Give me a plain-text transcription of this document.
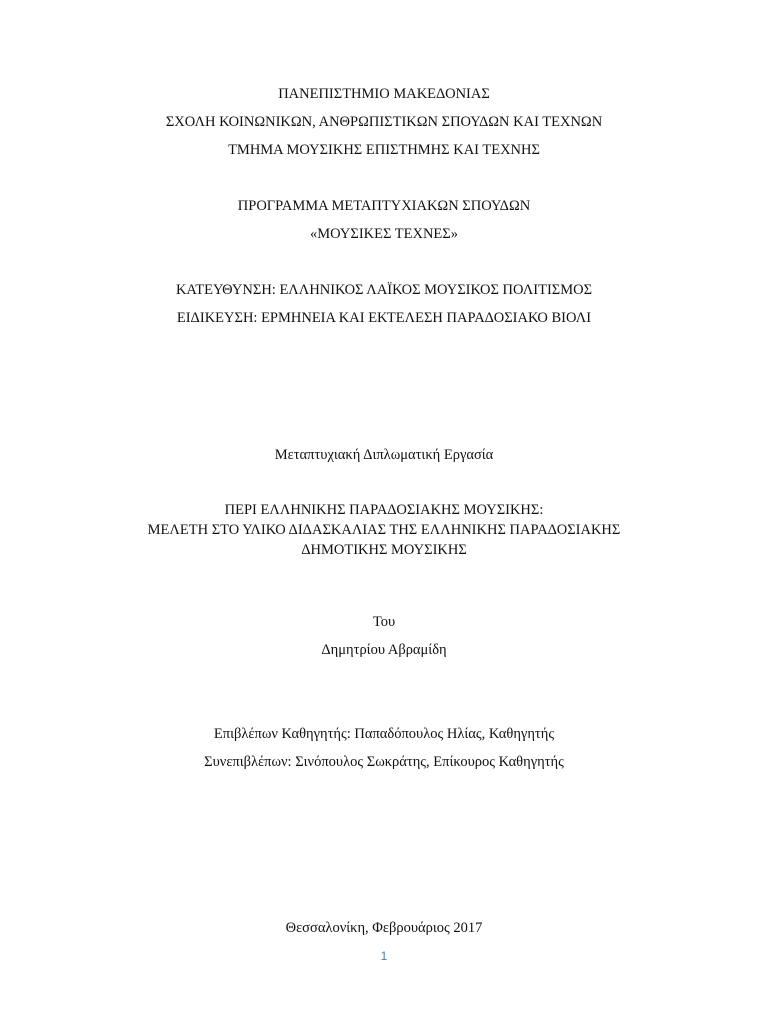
ΠΑΝΕΠΙΣΤΗΜΙΟ ΜΑΚΕΔΟΝΙΑΣ
ΣΧΟΛΗ ΚΟΙΝΩΝΙΚΩΝ, ΑΝΘΡΩΠΙΣΤΙΚΩΝ ΣΠΟΥΔΩΝ ΚΑΙ ΤΕΧΝΩΝ
ΤΜΗΜΑ ΜΟΥΣΙΚΗΣ ΕΠΙΣΤΗΜΗΣ ΚΑΙ ΤΕΧΝΗΣ
ΠΡΟΓΡΑΜΜΑ ΜΕΤΑΠΤΥΧΙΑΚΩΝ ΣΠΟΥΔΩΝ
«ΜΟΥΣΙΚΕΣ ΤΕΧΝΕΣ»
ΚΑΤΕΥΘΥΝΣΗ: ΕΛΛΗΝΙΚΟΣ ΛΑΪΚΟΣ ΜΟΥΣΙΚΟΣ ΠΟΛΙΤΙΣΜΟΣ
ΕΙΔΙΚΕΥΣΗ: ΕΡΜΗΝΕΙΑ ΚΑΙ ΕΚΤΕΛΕΣΗ ΠΑΡΑΔΟΣΙΑΚΟ ΒΙΟΛΙ
Μεταπτυχιακή Διπλωματική Εργασία
ΠΕΡΙ ΕΛΛΗΝΙΚΗΣ ΠΑΡΑΔΟΣΙΑΚΗΣ ΜΟΥΣΙΚΗΣ:
ΜΕΛΕΤΗ ΣΤΟ ΥΛΙΚΟ ΔΙΔΑΣΚΑΛΙΑΣ ΤΗΣ ΕΛΛΗΝΙΚΗΣ ΠΑΡΑΔΟΣΙΑΚΗΣ
ΔΗΜΟΤΙΚΗΣ ΜΟΥΣΙΚΗΣ
Του
Δημητρίου Αβραμίδη
Επιβλέπων Καθηγητής: Παπαδόπουλος Ηλίας, Καθηγητής
Συνεπιβλέπων: Σινόπουλος Σωκράτης, Επίκουρος Καθηγητής
Θεσσαλονίκη, Φεβρουάριος 2017
1
